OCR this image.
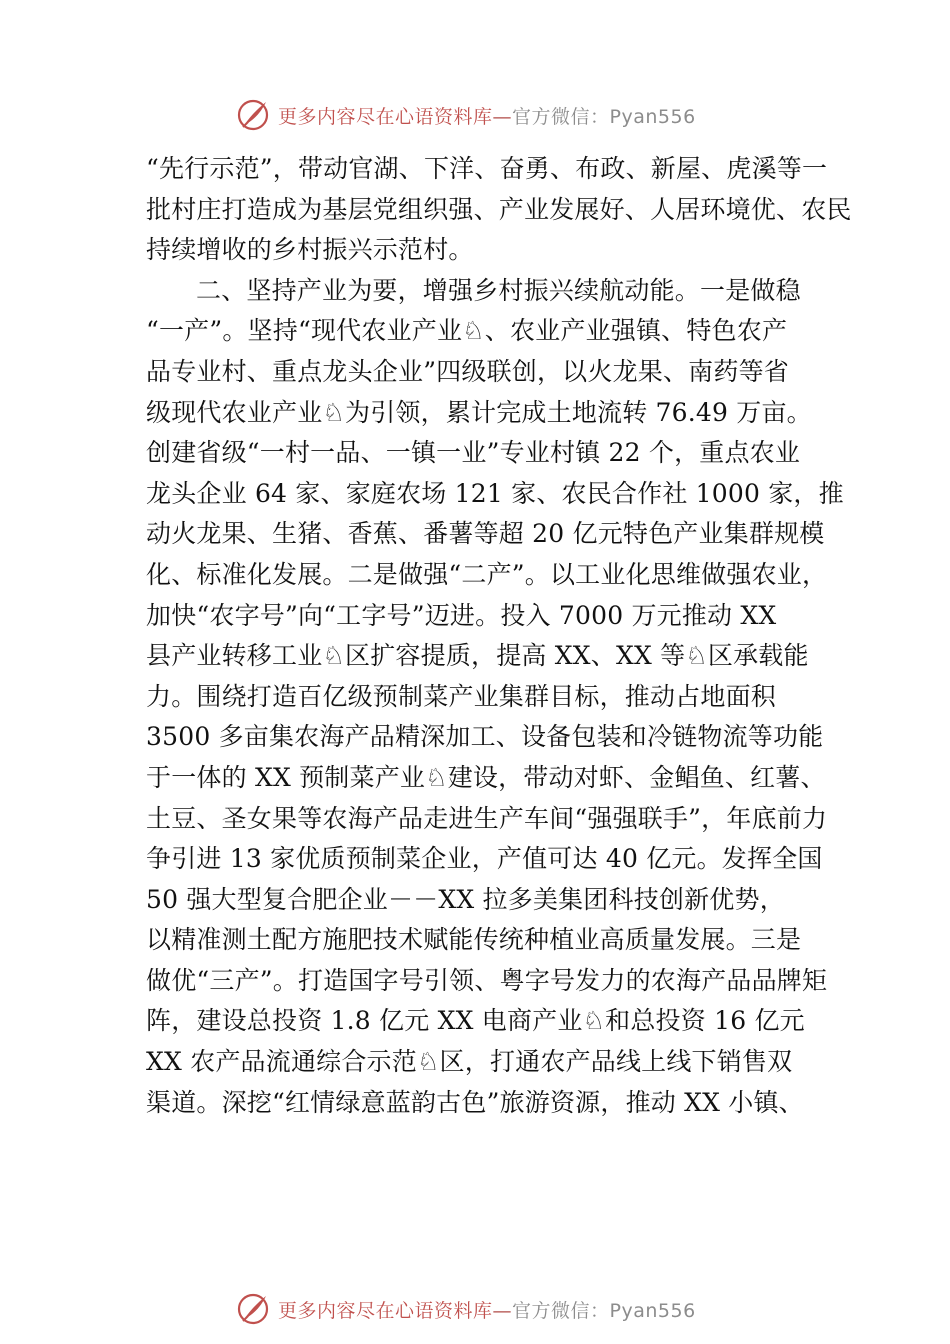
更多内容尽在心语资料库—官方微信：Pyan556
“先行示范”，带动官湖、下洋、奋勇、布政、新屋、虎溪等一
批村庄打造成为基层党组织强、产业发展好、人居环境优、农民
持续增收的乡村振兴示范村。
二、坚持产业为要，增强乡村振兴续航动能。一是做稳
“一产”。坚持“现代农业产业♘、农业产业强镇、特色农产
品专业村、重点龙头企业”四级联创，以火龙果、南药等省
级现代农业产业♘为引领，累计完成土地流转 76.49 万亩。
创建省级“一村一品、一镇一业”专业村镇 22 个，重点农业
龙头企业 64 家、家庭农场 121 家、农民合作社 1000 家，推
动火龙果、生猪、香蕉、番薯等超 20 亿元特色产业集群规模
化、标准化发展。二是做强“二产”。以工业化思维做强农业，
加快“农字号”向“工字号”迈进。投入 7000 万元推动 XX
县产业转移工业♘区扩容提质，提高 XX、XX 等♘区承载能
力。围绕打造百亿级预制菜产业集群目标，推动占地面积
3500 多亩集农海产品精深加工、设备包装和冷链物流等功能
于一体的 XX 预制菜产业♘建设，带动对虾、金鲳鱼、红薯、
土豆、圣女果等农海产品走进生产车间“强强联手”，年底前力
争引进 13 家优质预制菜企业，产值可达 40 亿元。发挥全国
50 强大型复合肥企业－－XX 拉多美集团科技创新优势，
以精准测土配方施肥技术赋能传统种植业高质量发展。三是
做优“三产”。打造国字号引领、粤字号发力的农海产品品牌矩
阵，建设总投资 1.8 亿元 XX 电商产业♘和总投资 16 亿元
XX 农产品流通综合示范♘区，打通农产品线上线下销售双
渠道。深挖“红情绿意蓝韵古色”旅游资源，推动 XX 小镇、
更多内容尽在心语资料库—官方微信：Pyan556
